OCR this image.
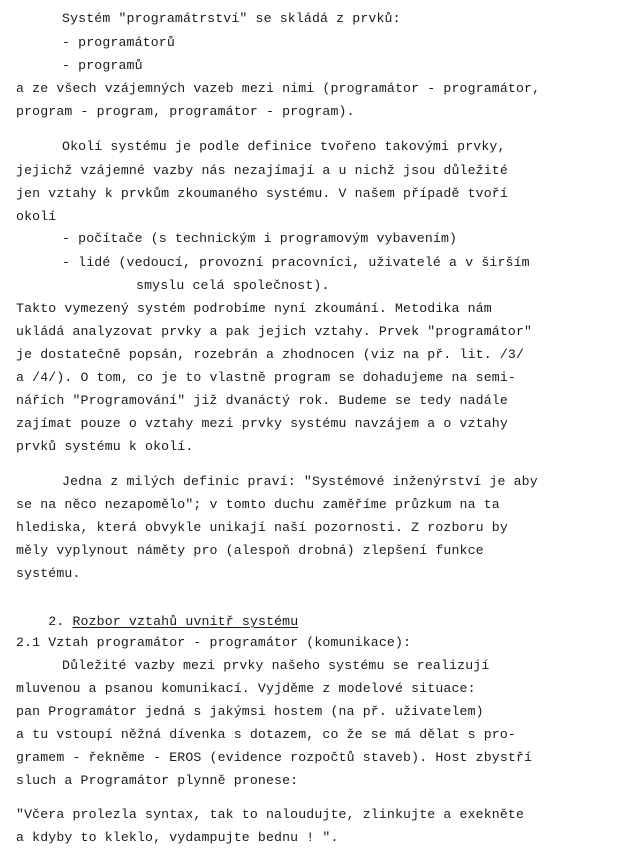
Systém "programátrství" se skládá z prvků:
- programátorů
- programů
a ze všech vzájemných vazeb mezi nimi (programátor - programátor,
program - program, programátor - program).
Okolí systému je podle definice tvořeno takovými prvky,
jejichž vzájemné vazby nás nezajímají a u nichž jsou důležité
jen vztahy k prvkům zkoumaného systému. V našem případě tvoří
okolí
- počítače (s technickým i programovým vybavením)
- lidé (vedoucí, provozní pracovníci, uživatelé a v širším
smyslu celá společnost).
Takto vymezený systém podrobíme nyní zkoumání. Metodika nám
ukládá analyzovat prvky a pak jejich vztahy. Prvek "programátor"
je dostatečně popsán, rozebrán a zhodnocen (viz na př. lit. /3/
a /4/). O tom, co je to vlastně program se dohadujeme na semi-
nářích "Programování" již dvanáctý rok. Budeme se tedy nadále
zajímat pouze o vztahy mezi prvky systému navzájem a o vztahy
prvků systému k okolí.
Jedna z milých definic praví: "Systémové inženýrství je aby
se na něco nezapomělo"; v tomto duchu zaměříme průzkum na ta
hlediska, která obvykle unikají naší pozornosti. Z rozboru by
měly vyplynout náměty pro (alespoň drobná) zlepšení funkce
systému.

2. Rozbor vztahů uvnitř systému

2.1 Vztah programátor - programátor (komunikace):
Důležité vazby mezi prvky našeho systému se realizují
mluvenou a psanou komunikací. Vyjděme z modelové situace:
pan Programátor jedná s jakýmsi hostem (na př. uživatelem)
a tu vstoupí něžná dívenka s dotazem, co že se má dělat s pro-
gramem - řekněme - EROS (evidence rozpočtů staveb). Host zbystří
sluch a Programátor plynně pronese:
"Včera prolezla syntax, tak to naloudujte, zlinkujte a exekněte
a kdyby to kleklo, vydampujte bednu ! ".
